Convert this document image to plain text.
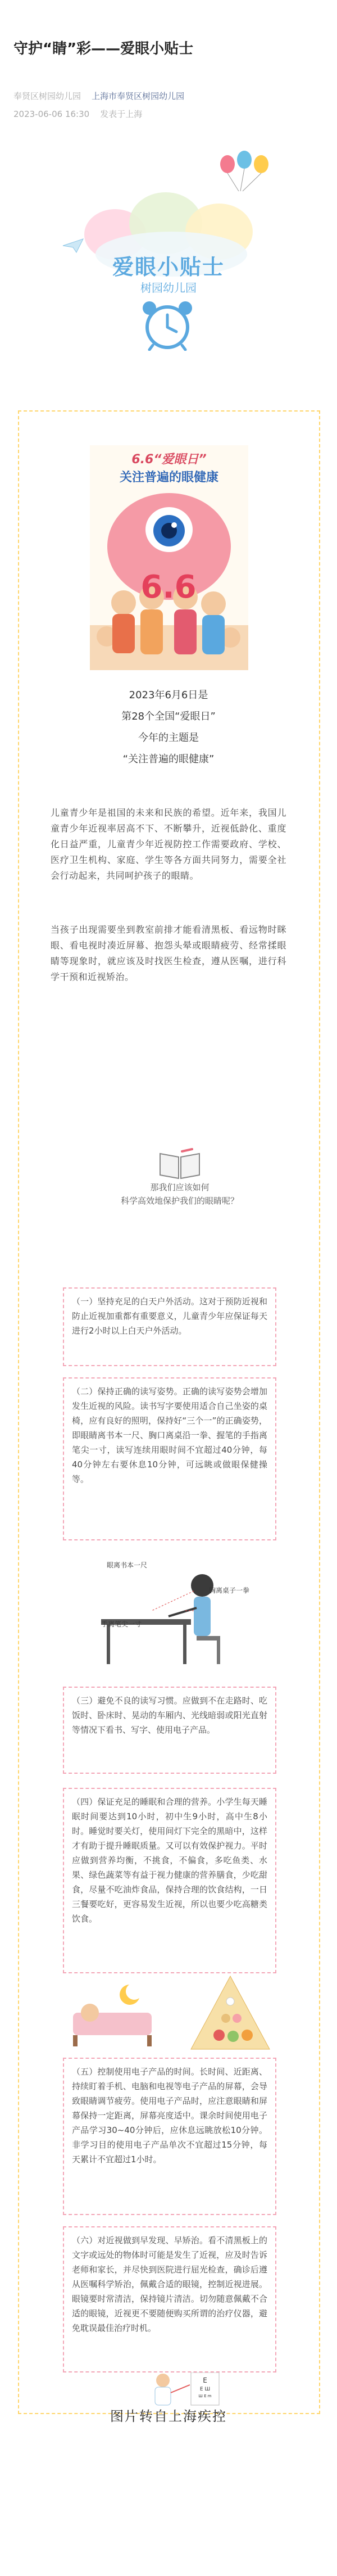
守护“睛”彩——爱眼小贴士
奉贤区树园幼儿园 上海市奉贤区树园幼儿园
2023-06-06 16:30 发表于上海
爱眼小贴士
树园幼儿园
6.6“爱眼日”
关注普遍的眼健康
6.6
2023年6月6日是
第28个全国“爱眼日”
今年的主题是
“关注普遍的眼健康”
儿童青少年是祖国的未来和民族的希望。近年来，我国儿童青少年近视率居高不下、不断攀升，近视低龄化、重度化日益严重，儿童青少年近视防控工作需要政府、学校、医疗卫生机构、家庭、学生等各方面共同努力，需要全社会行动起来，共同呵护孩子的眼睛。
当孩子出现需要坐到教室前排才能看清黑板、看远物时眯眼、看电视时凑近屏幕、抱怨头晕或眼睛疲劳、经常揉眼睛等现象时，就应该及时找医生检查，遵从医嘱，进行科学干预和近视矫治。
那我们应该如何
科学高效地保护我们的眼睛呢？
（一）坚持充足的白天户外活动。这对于预防近视和防止近视加重都有重要意义，儿童青少年应保证每天进行2小时以上白天户外活动。
（二）保持正确的读写姿势。正确的读写姿势会增加发生近视的风险。读书写字要使用适合自己坐姿的桌椅，应有良好的照明，保持好“三个一”的正确姿势，即眼睛离书本一尺、胸口离桌沿一拳、握笔的手指离笔尖一寸，读写连续用眼时间不宜超过40分钟，每40分钟左右要休息10分钟，可远眺或做眼保健操等。
眼离书本一尺
胸离桌子一拳
手离笔尖一寸
（三）避免不良的读写习惯。应做到不在走路时、吃饭时、卧床时、晃动的车厢内、光线暗弱或阳光直射等情况下看书、写字、使用电子产品。
（四）保证充足的睡眠和合理的营养。小学生每天睡眠时间要达到10小时，初中生9小时，高中生8小时。睡觉时要关灯，使用间灯下完全的黑暗中，这样才有助于提升睡眠质量。又可以有效保护视力。平时应做到营养均衡，不挑食，不偏食，多吃鱼类、水果、绿色蔬菜等有益于视力健康的营养膳食，少吃甜食，尽量不吃油炸食品，保持合理的饮食结构，一日三餐要吃好，更容易发生近视，所以也要少吃高糖类饮食。
（五）控制使用电子产品的时间。长时间、近距离、持续盯着手机、电脑和电视等电子产品的屏幕，会导致眼睛调节疲劳。使用电子产品时，应注意眼睛和屏幕保持一定距离，屏幕亮度适中。课余时间使用电子产品学习30~40分钟后，应休息远眺放松10分钟。非学习目的使用电子产品单次不宜超过15分钟，每天累计不宜超过1小时。
（六）对近视做到早发现、早矫治。看不清黑板上的文字或远处的物体时可能是发生了近视，应及时告诉老师和家长，并尽快到医院进行屈光检查，确诊后遵从医嘱科学矫治，佩戴合适的眼镜，控制近视进展。眼镜要时常清洁，保持镜片清洁。切勿随意佩戴不合适的眼镜，近视更不要随便购买所谓的治疗仪器，避免耽误最佳治疗时机。
E
E Ш
Ш E m
图片转自上海疾控
